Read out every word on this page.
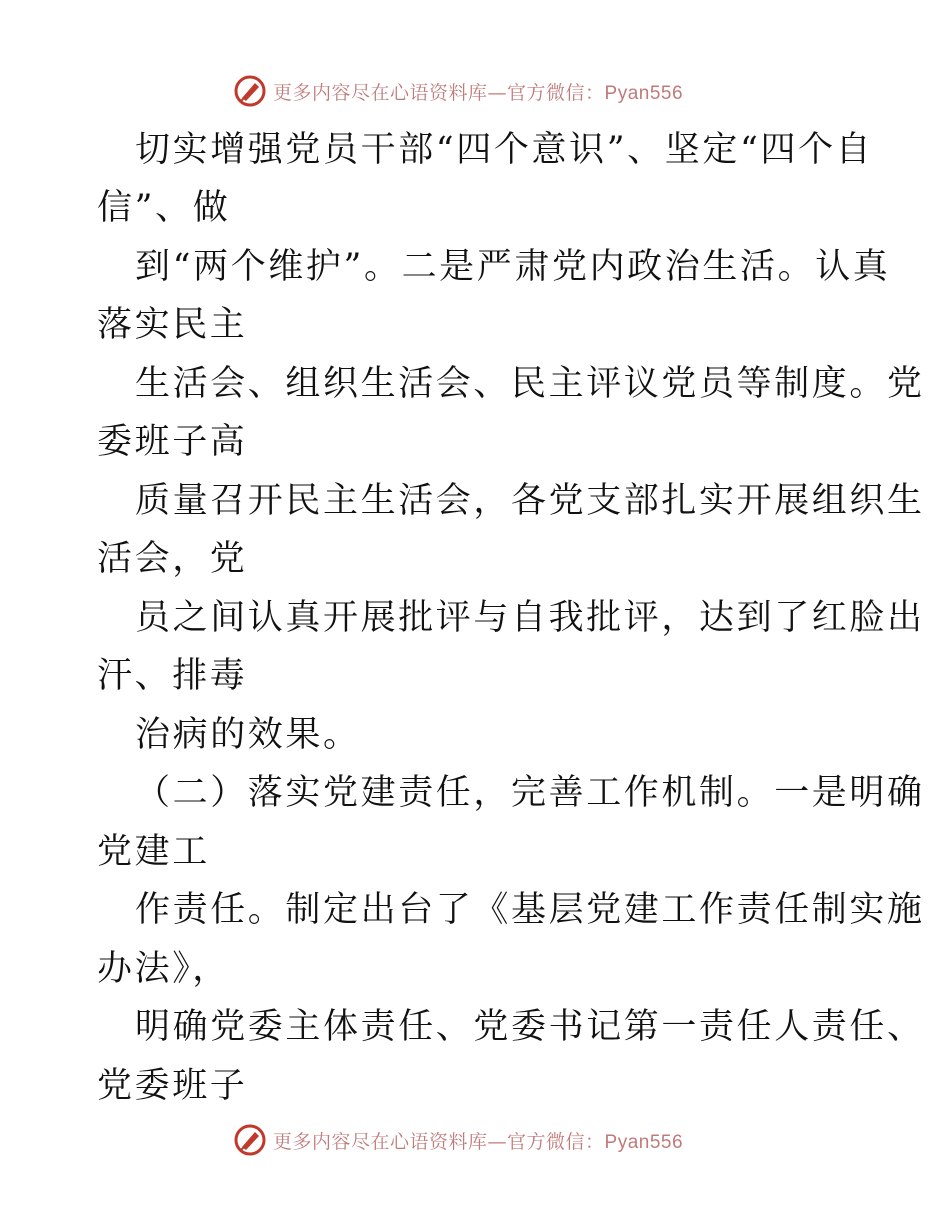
更多内容尽在心语资料库—官方微信：Pyan556
切实增强党员干部“四个意识”、坚定“四个自
信”、做
到“两个维护”。二是严肃党内政治生活。认真
落实民主
生活会、组织生活会、民主评议党员等制度。党
委班子高
质量召开民主生活会，各党支部扎实开展组织生
活会，党
员之间认真开展批评与自我批评，达到了红脸出
汗、排毒
治病的效果。
（二）落实党建责任，完善工作机制。一是明确
党建工
作责任。制定出台了《基层党建工作责任制实施
办法》，
明确党委主体责任、党委书记第一责任人责任、
党委班子
更多内容尽在心语资料库—官方微信：Pyan556
